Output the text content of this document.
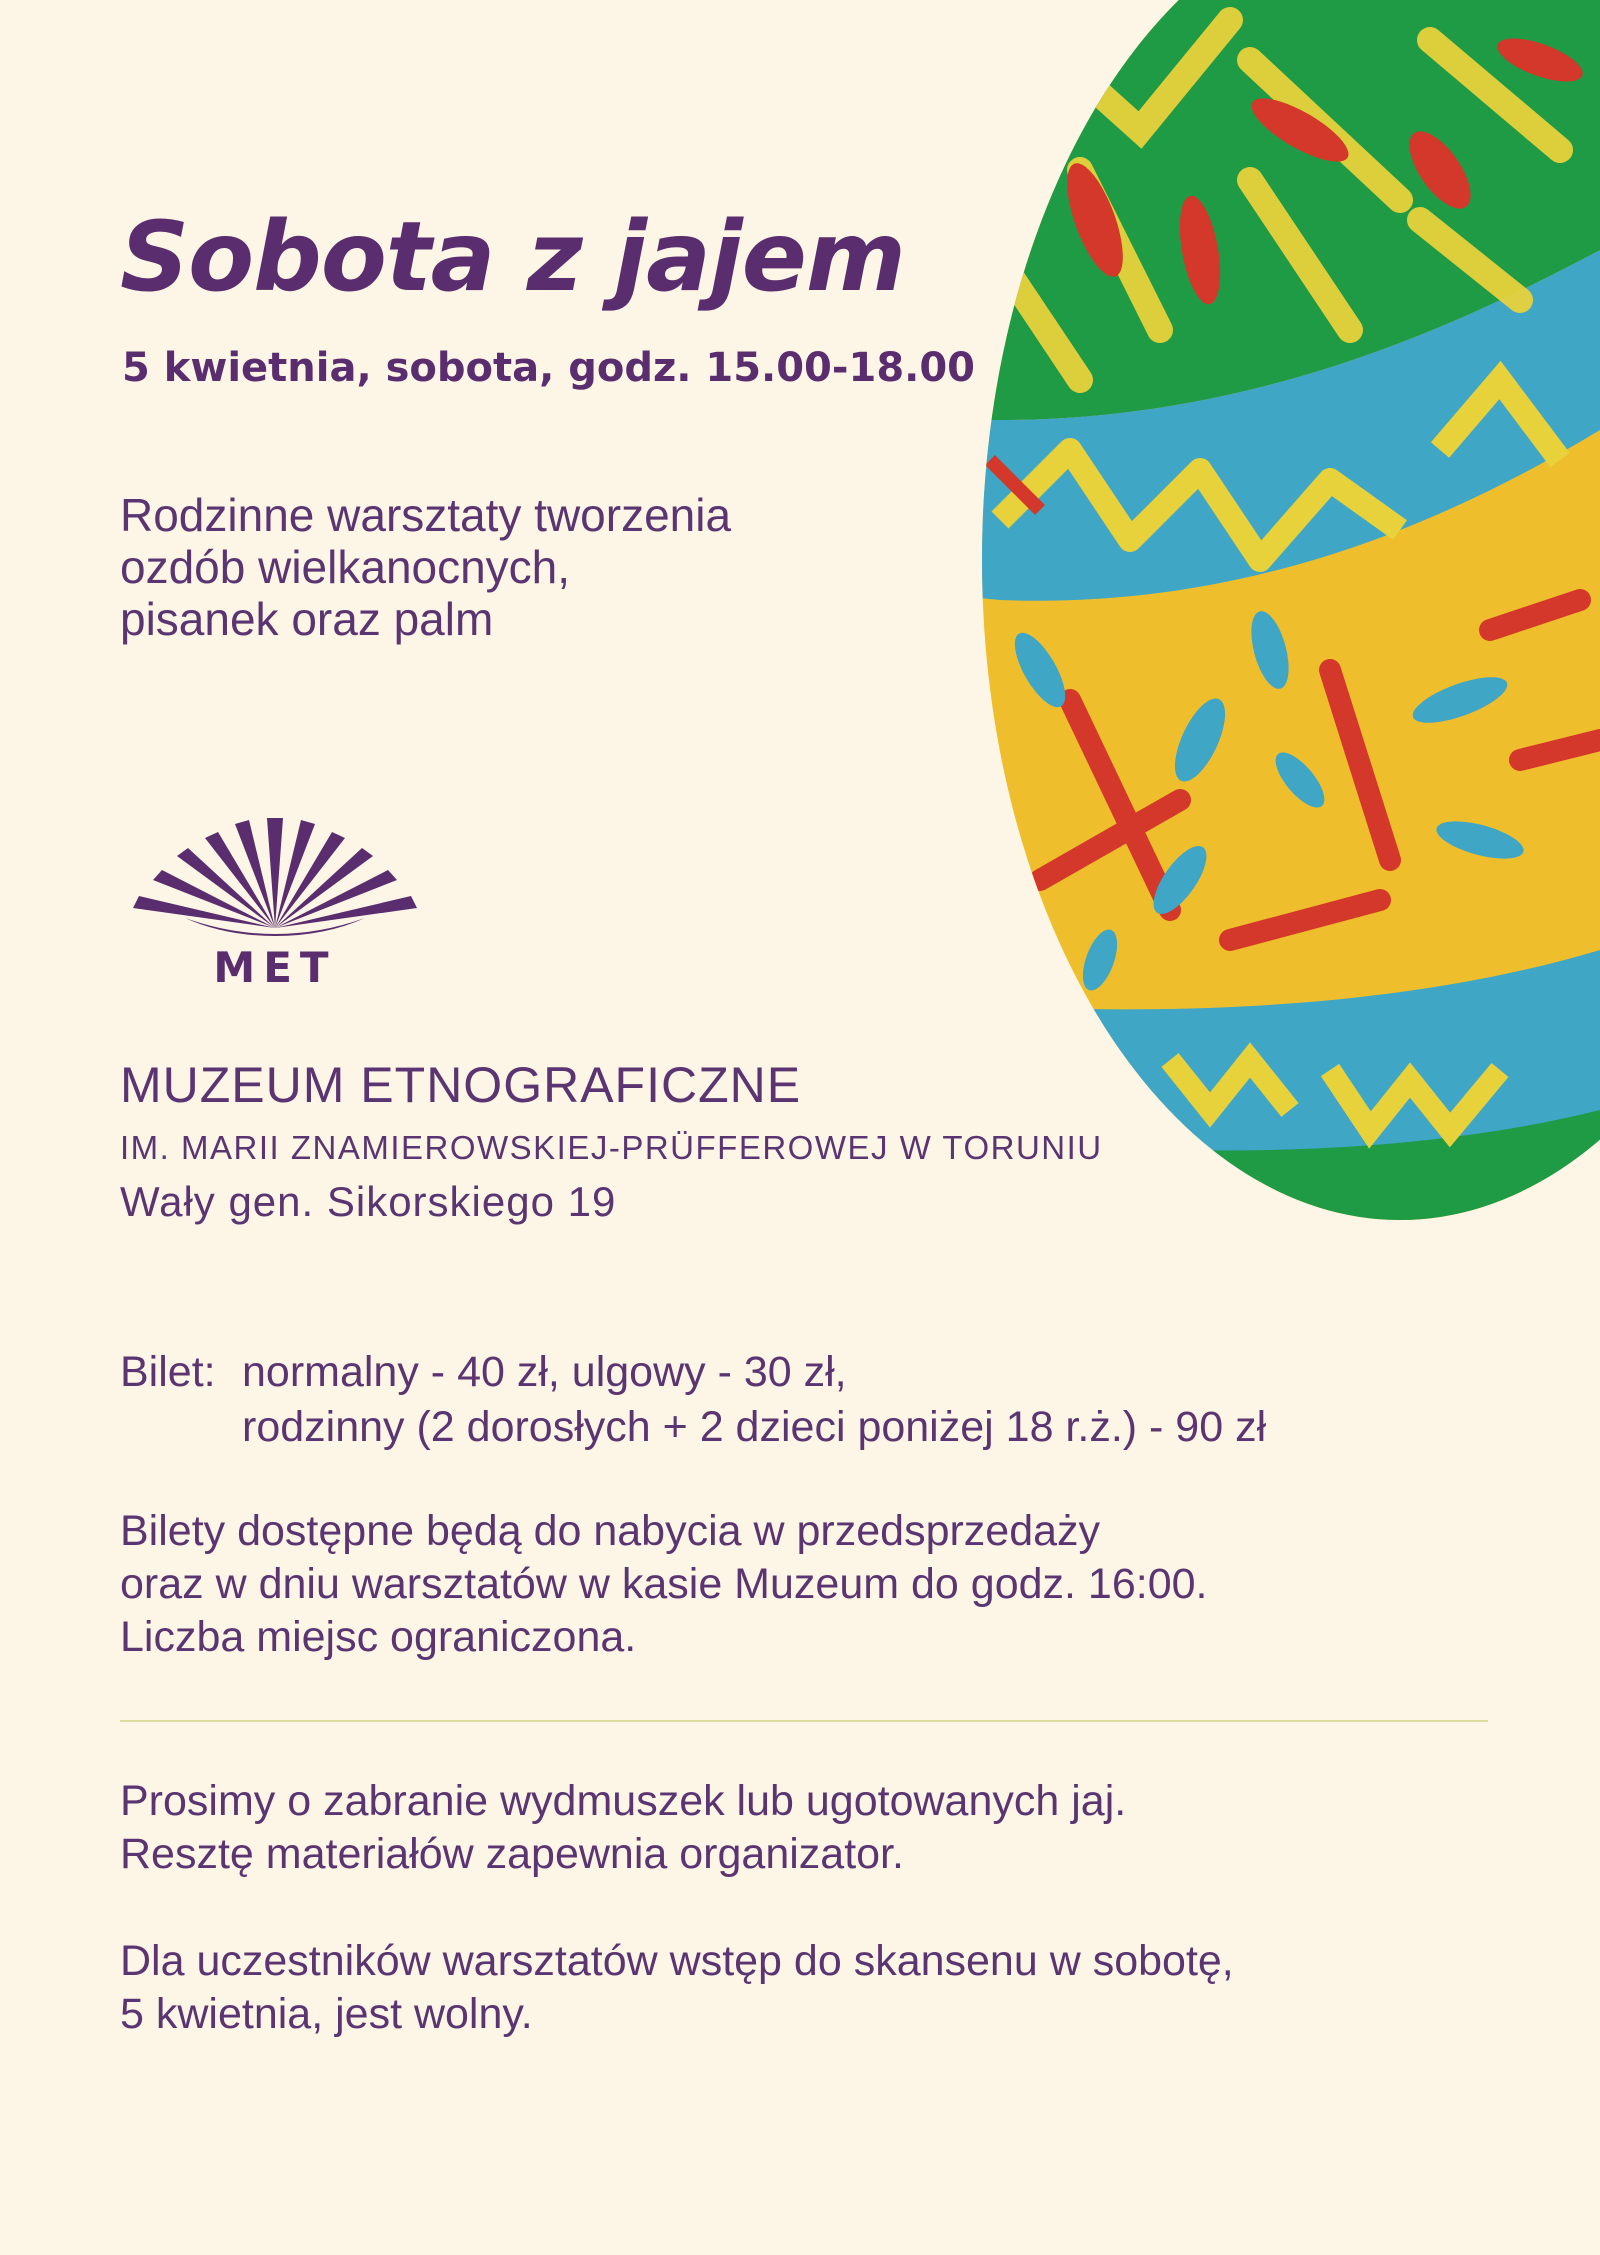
Sobota z jajem
5 kwietnia, sobota, godz. 15.00-18.00
Rodzinne warsztaty tworzenia
ozdób wielkanocnych,
pisanek oraz palm
MET
MUZEUM ETNOGRAFICZNE
IM. MARII ZNAMIEROWSKIEJ-PRÜFFEROWEJ W TORUNIU
Wały gen. Sikorskiego 19
Bilet: normalny - 40 zł, ulgowy - 30 zł,
rodzinny (2 dorosłych + 2 dzieci poniżej 18 r.ż.) - 90 zł
Bilety dostępne będą do nabycia w przedsprzedaży
oraz w dniu warsztatów w kasie Muzeum do godz. 16:00.
Liczba miejsc ograniczona.
Prosimy o zabranie wydmuszek lub ugotowanych jaj.
Resztę materiałów zapewnia organizator.
Dla uczestników warsztatów wstęp do skansenu w sobotę,
5 kwietnia, jest wolny.
